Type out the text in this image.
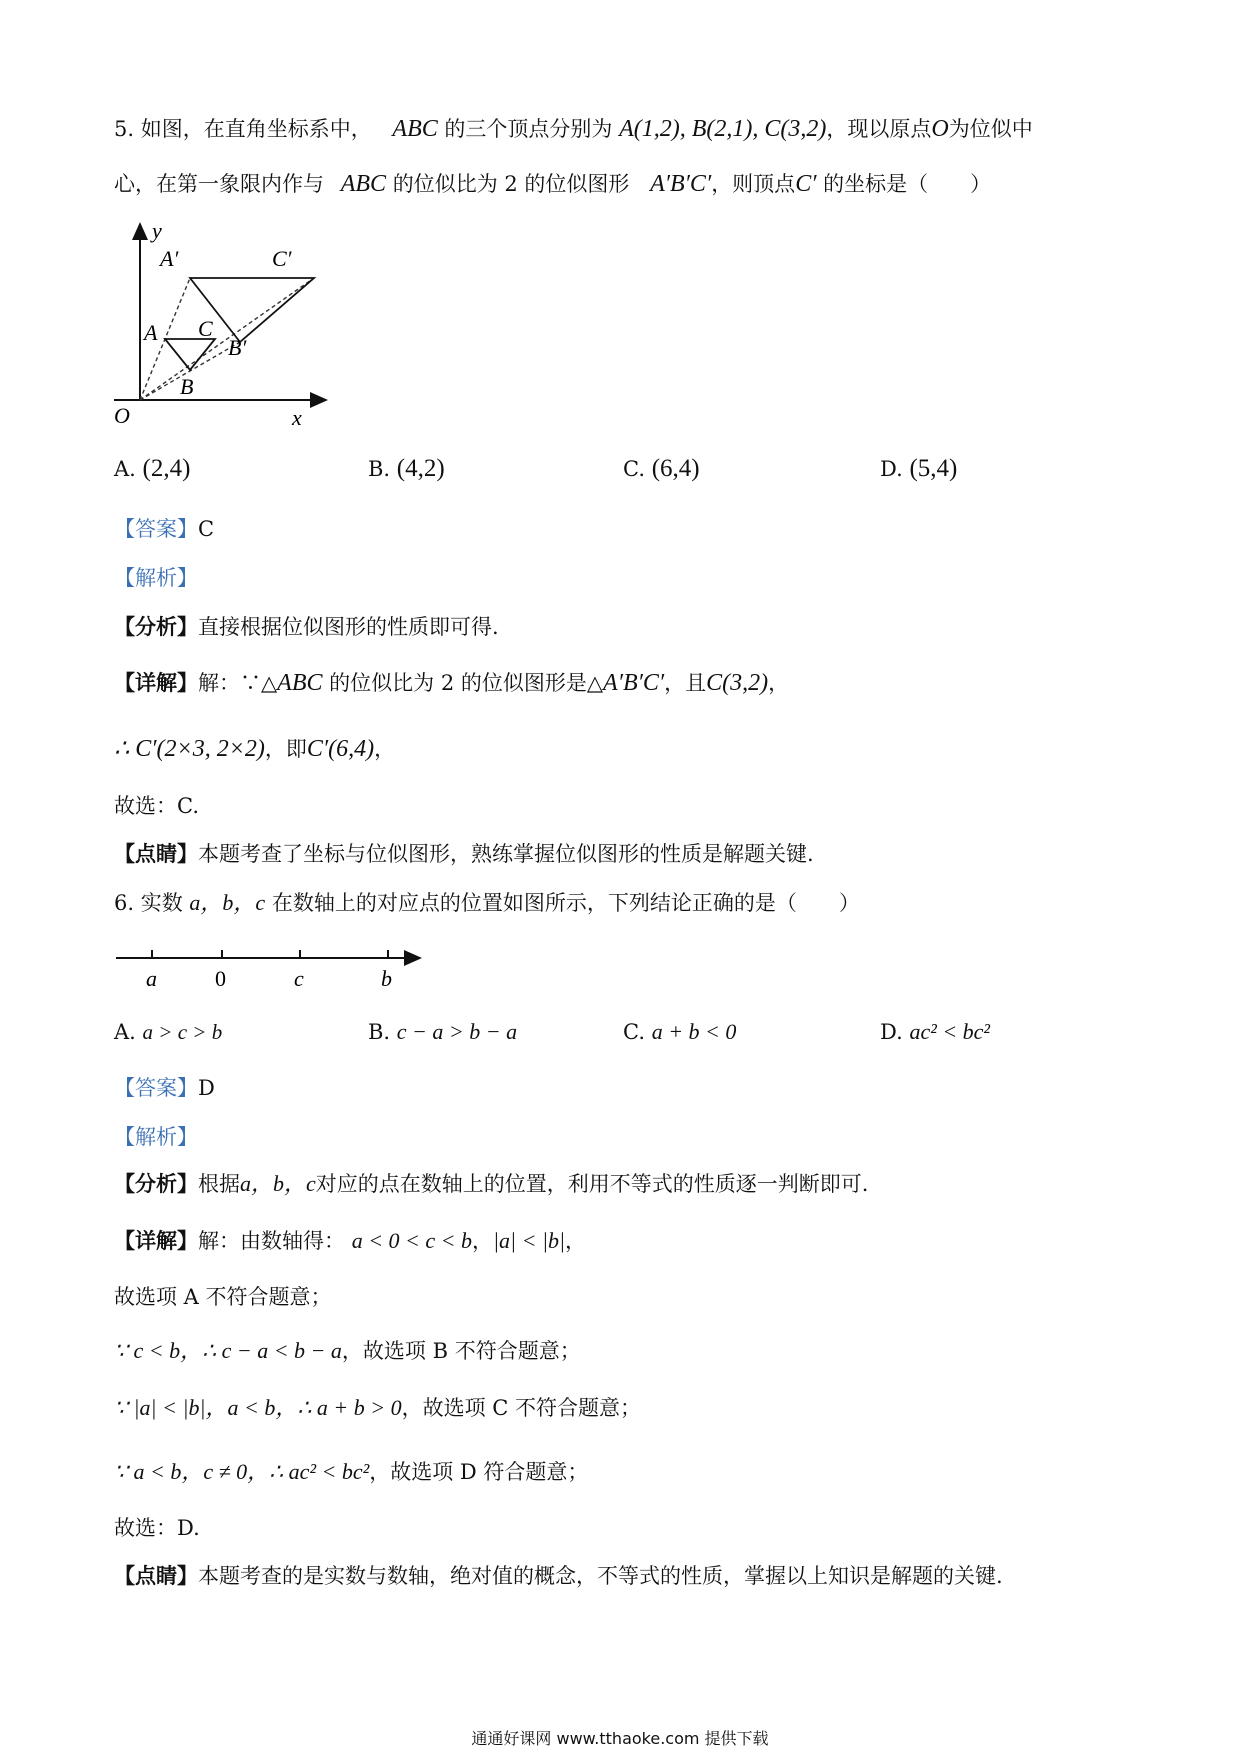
5. 如图，在直角坐标系中， ABC 的三个顶点分别为 A(1,2), B(2,1), C(3,2)，现以原点O为位似中
心，在第一象限内作与 ABC 的位似比为 2 的位似图形 A′B′C′，则顶点C′ 的坐标是（　　）
y
x
O
A
B
C
A′
B′
C′
A. (2,4)	B. (4,2)	C. (6,4)	D. (5,4)
【答案】C
【解析】
【分析】直接根据位似图形的性质即可得.
【详解】解：∵△ABC 的位似比为 2 的位似图形是△A′B′C′，且C(3,2)，
∴ C′(2×3, 2×2)，即C′(6,4)，
故选：C.
【点睛】本题考查了坐标与位似图形，熟练掌握位似图形的性质是解题关键.
6. 实数 a，b，c 在数轴上的对应点的位置如图所示，下列结论正确的是（　　）
a	0	c	b
A. a > c > b	B. c − a > b − a	C. a + b < 0	D. ac² < bc²
【答案】D
【解析】
【分析】根据a，b，c对应的点在数轴上的位置，利用不等式的性质逐一判断即可.
【详解】解：由数轴得： a < 0 < c < b，|a| < |b|，
故选项 A 不符合题意；
∵ c < b，∴ c − a < b − a，故选项 B 不符合题意；
∵ |a| < |b|，a < b，∴ a + b > 0，故选项 C 不符合题意；
∵ a < b，c ≠ 0，∴ ac² < bc²，故选项 D 符合题意；
故选：D.
【点睛】本题考查的是实数与数轴，绝对值的概念，不等式的性质，掌握以上知识是解题的关键.
通通好课网 www.tthaoke.com 提供下载
